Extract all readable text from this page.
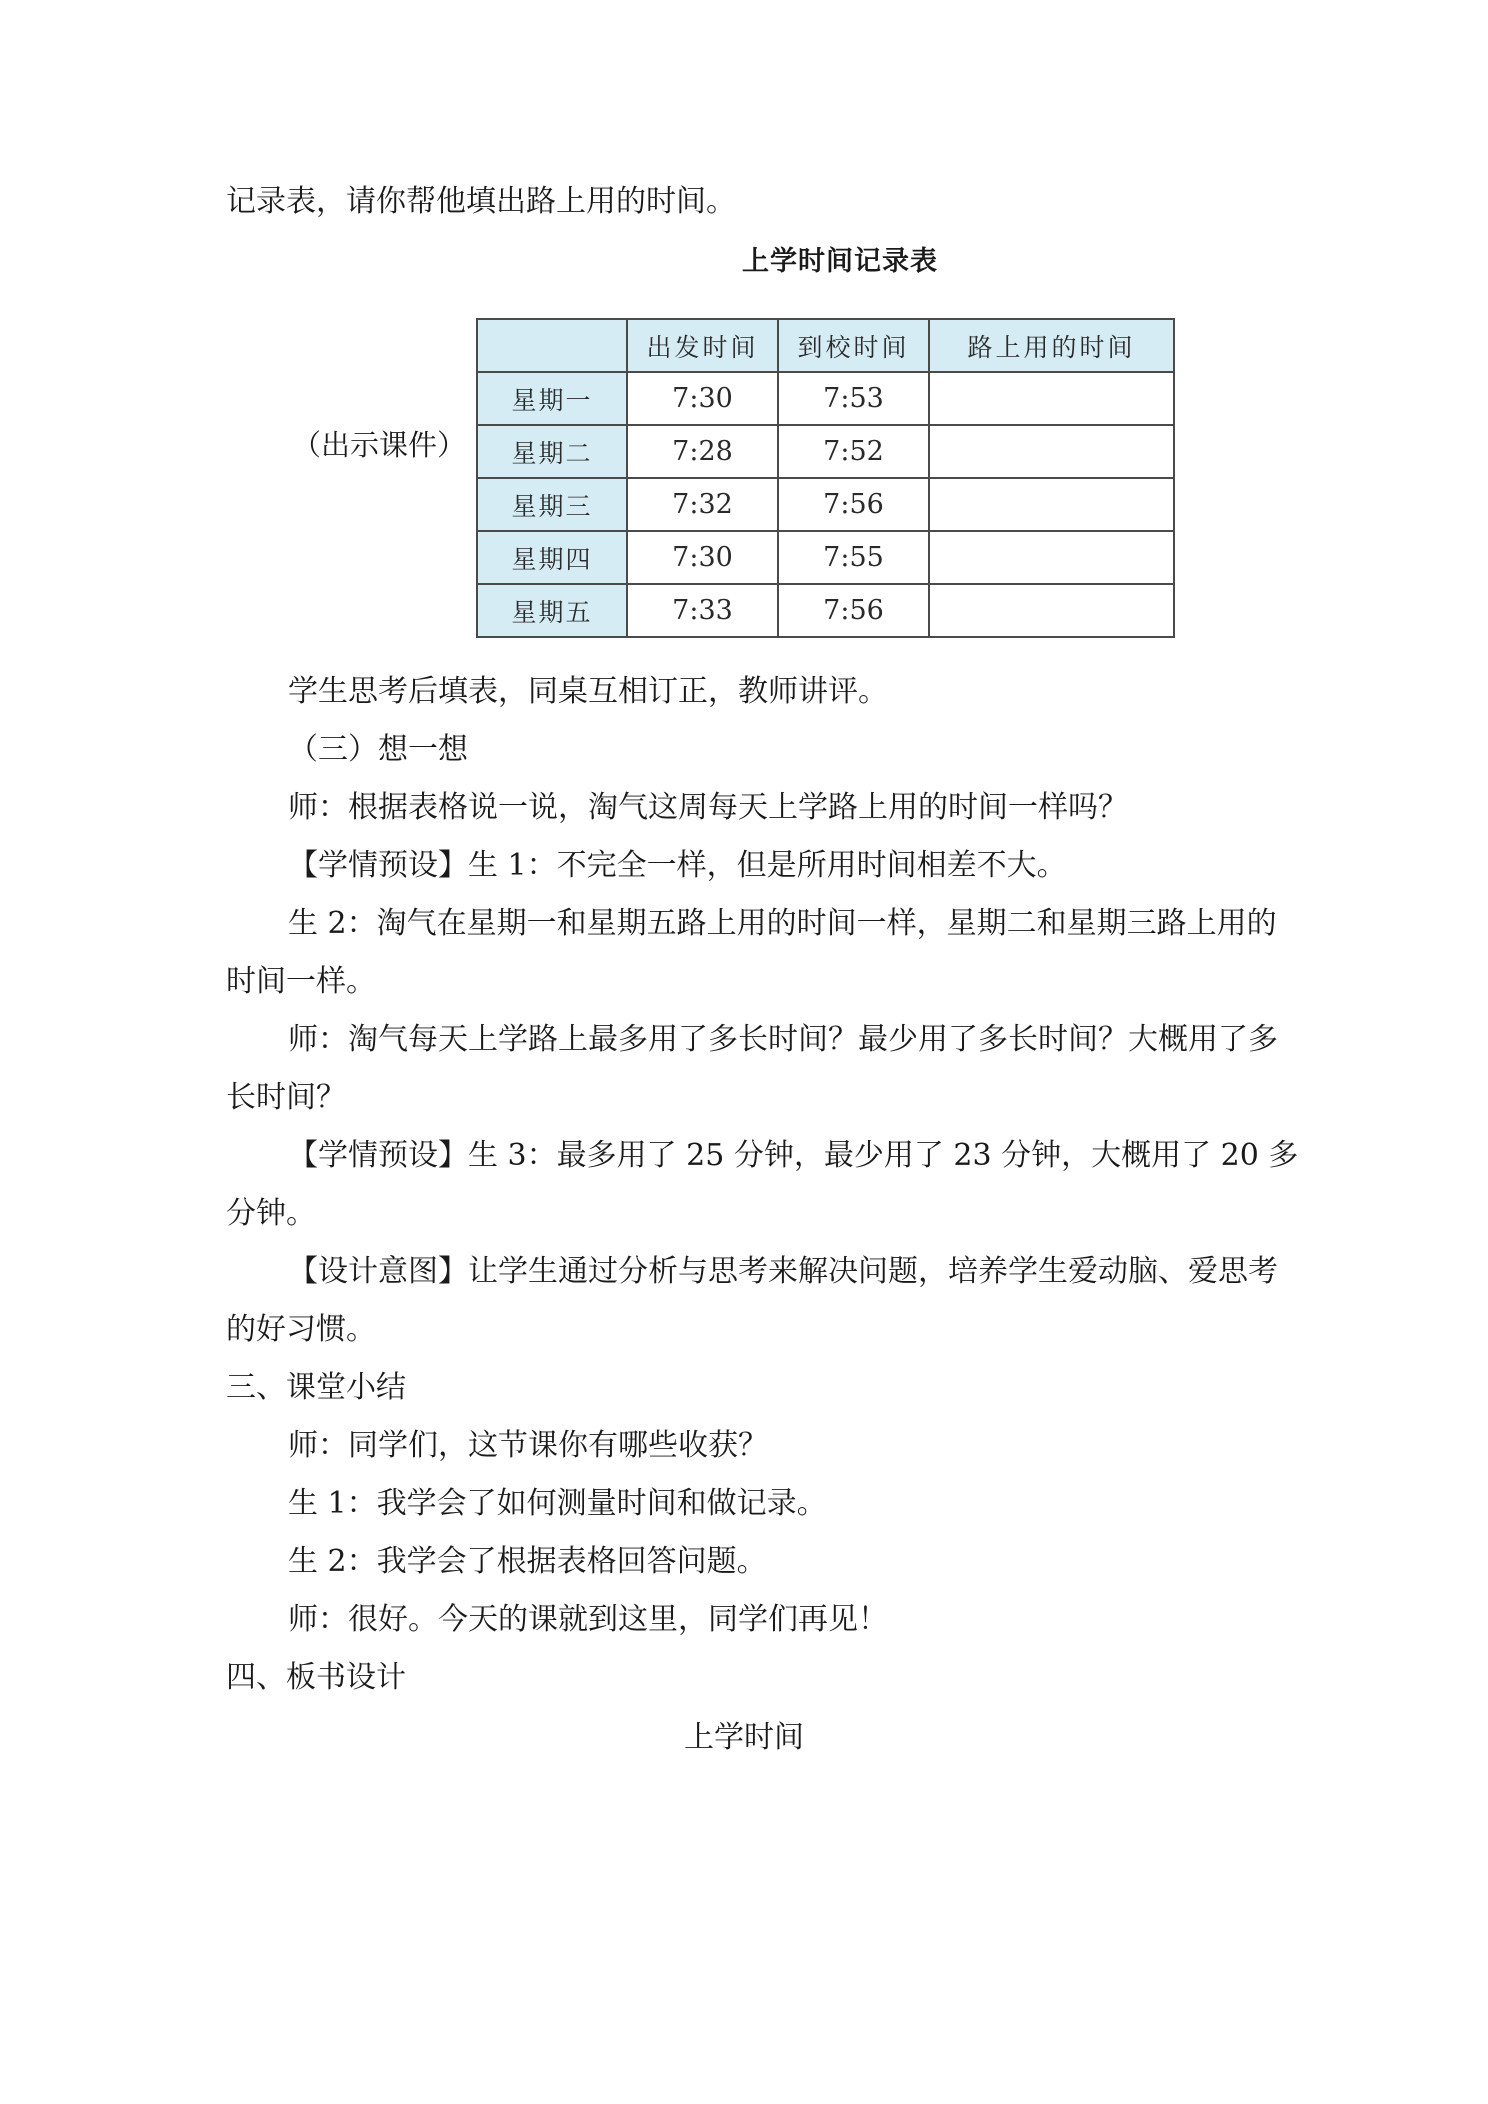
记录表，请你帮他填出路上用的时间。
上学时间记录表
（出示课件）
	出发时间	到校时间	路上用的时间
星期一	7:30	7:53	
星期二	7:28	7:52	
星期三	7:32	7:56	
星期四	7:30	7:55	
星期五	7:33	7:56	
学生思考后填表，同桌互相订正，教师讲评。
（三）想一想
师：根据表格说一说，淘气这周每天上学路上用的时间一样吗？
【学情预设】生 1：不完全一样，但是所用时间相差不大。
生 2：淘气在星期一和星期五路上用的时间一样，星期二和星期三路上用的
时间一样。
师：淘气每天上学路上最多用了多长时间？最少用了多长时间？大概用了多
长时间？
【学情预设】生 3：最多用了 25 分钟，最少用了 23 分钟，大概用了 20 多
分钟。
【设计意图】让学生通过分析与思考来解决问题，培养学生爱动脑、爱思考
的好习惯。
三、课堂小结
师：同学们，这节课你有哪些收获？
生 1：我学会了如何测量时间和做记录。
生 2：我学会了根据表格回答问题。
师：很好。今天的课就到这里，同学们再见！
四、板书设计
上学时间
